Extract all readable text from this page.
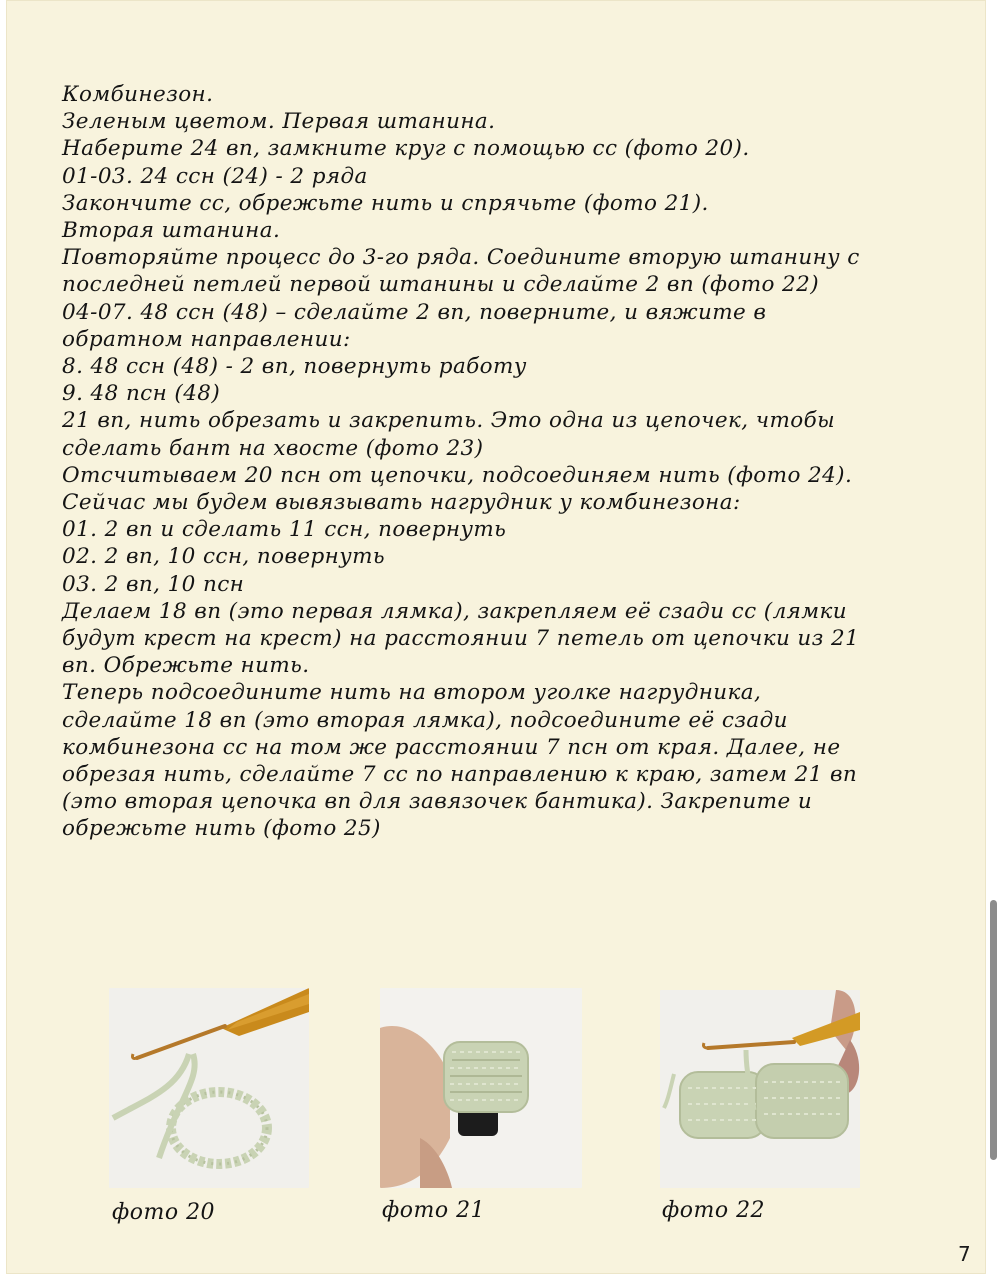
Комбинезон.
Зеленым цветом. Первая штанина.
Наберите 24 вп, замкните круг с помощью сс (фото 20).
01-03. 24 ссн (24) - 2 ряда
Закончите сс, обрежьте нить и спрячьте (фото 21).
Вторая штанина.
Повторяйте процесс до 3-го ряда. Соедините вторую штанину с
последней петлей первой штанины и сделайте 2 вп (фото 22)
04-07. 48 ссн (48) – сделайте 2 вп, поверните, и вяжите в
обратном направлении:
8. 48 ссн (48) - 2 вп, повернуть работу
9. 48 псн (48)
21 вп, нить обрезать и закрепить. Это одна из цепочек, чтобы
сделать бант на хвосте (фото 23)
Отсчитываем 20 псн от цепочки, подсоединяем нить (фото 24).
Сейчас мы будем вывязывать нагрудник у комбинезона:
01. 2 вп и сделать 11 ссн, повернуть
02. 2 вп, 10 ссн, повернуть
03. 2 вп, 10 псн
Делаем 18 вп (это первая лямка), закрепляем её сзади сс (лямки
будут крест на крест) на расстоянии 7 петель от цепочки из 21
вп. Обрежьте нить.
Теперь подсоедините нить на втором уголке нагрудника,
сделайте 18 вп (это вторая лямка), подсоедините её сзади
комбинезона сс на том же расстоянии 7 псн от края. Далее, не
обрезая нить, сделайте 7 сс по направлению к краю, затем 21 вп
(это вторая цепочка вп для завязочек бантика). Закрепите и
обрежьте нить (фото 25)
фото 20	фото 21	фото 22
7
